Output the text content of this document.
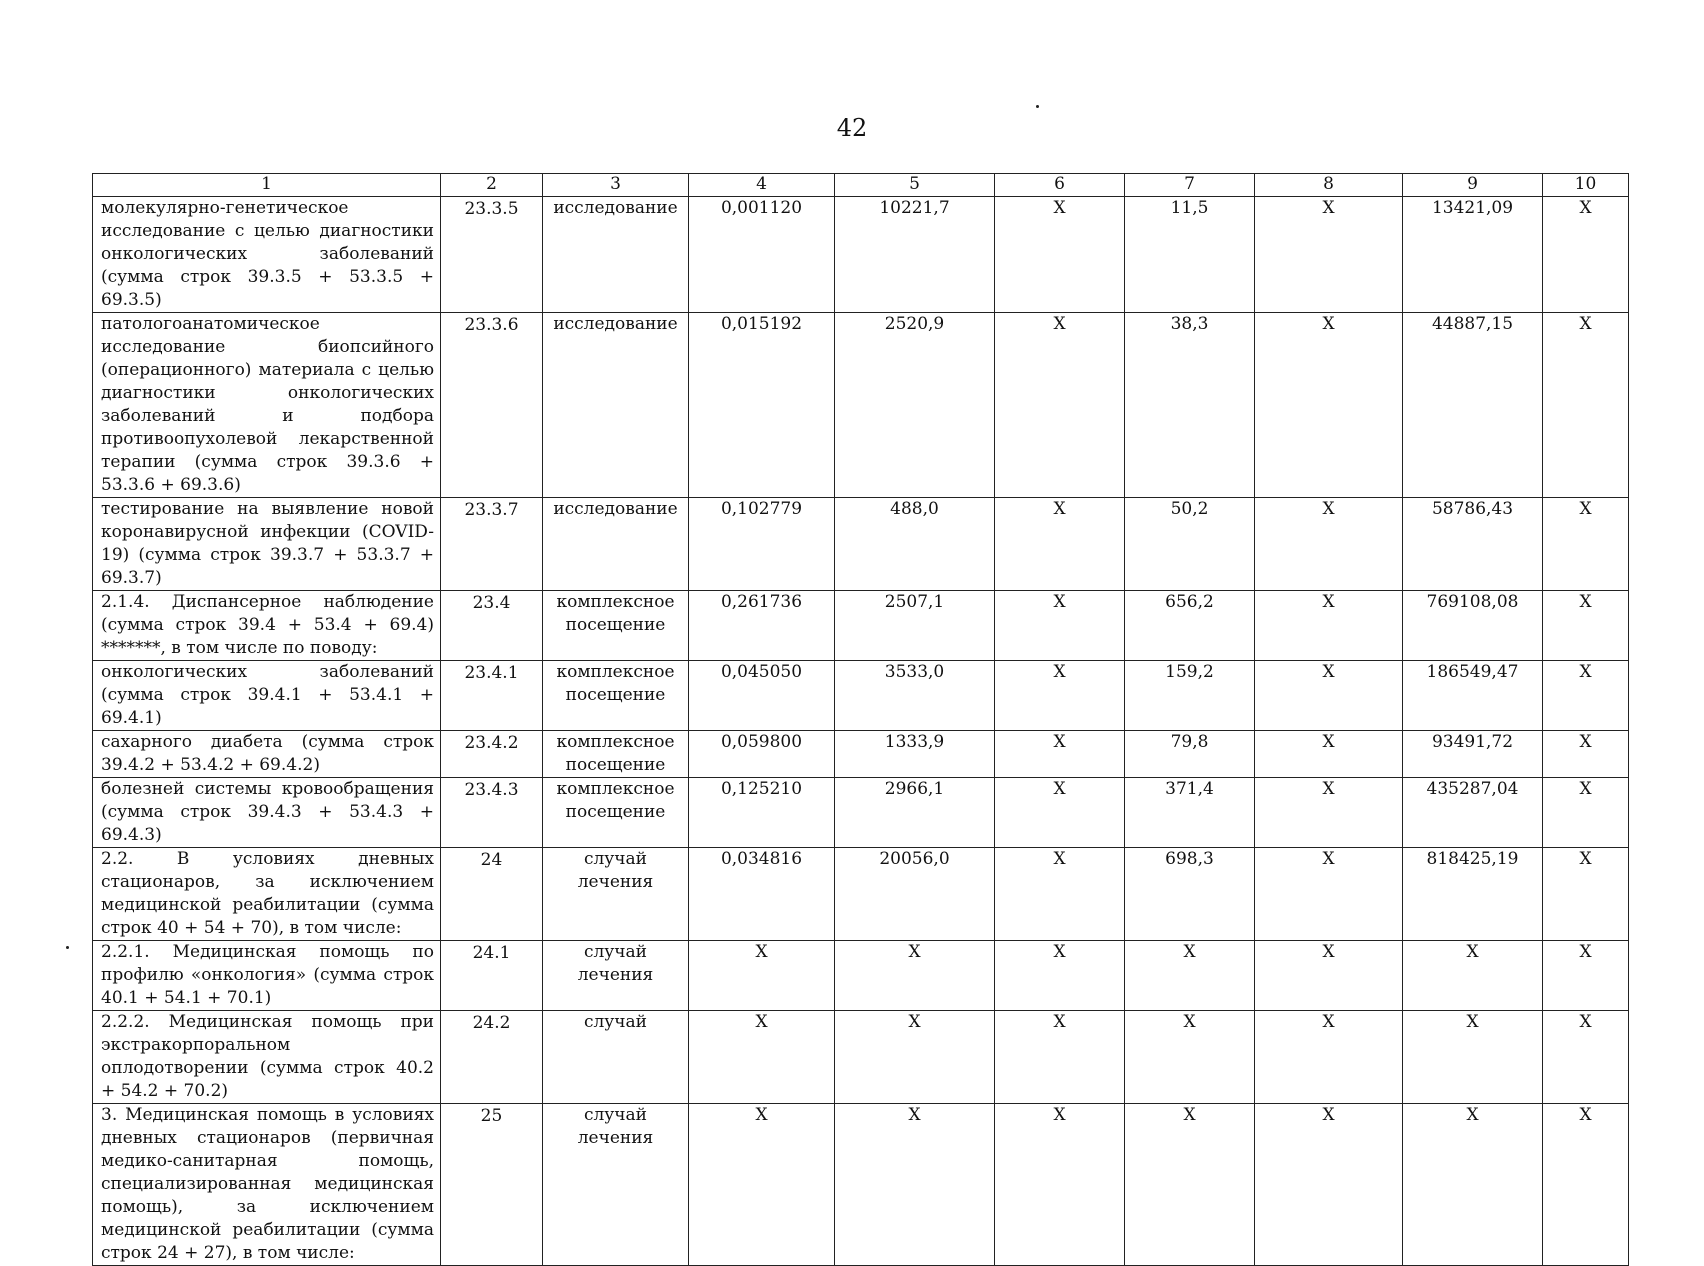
42
1	2	3	4	5	6	7	8	9	10
молекулярно-генетическое исследование с целью диагностики онкологических заболеваний (сумма строк 39.3.5 + 53.3.5 + 69.3.5)	23.3.5	исследование	0,001120	10221,7	X	11,5	X	13421,09	X
патологоанатомическое исследование биопсийного (операционного) материала с целью диагностики онкологических заболеваний и подбора противоопухолевой лекарственной терапии (сумма строк 39.3.6 + 53.3.6 + 69.3.6)	23.3.6	исследование	0,015192	2520,9	X	38,3	X	44887,15	X
тестирование на выявление новой коронавирусной инфекции (COVID-19) (сумма строк 39.3.7 + 53.3.7 + 69.3.7)	23.3.7	исследование	0,102779	488,0	X	50,2	X	58786,43	X
2.1.4. Диспансерное наблюдение (сумма строк 39.4 + 53.4 + 69.4) *******, в том числе по поводу:	23.4	комплексное посещение	0,261736	2507,1	X	656,2	X	769108,08	X
онкологических заболеваний (сумма строк 39.4.1 + 53.4.1 + 69.4.1)	23.4.1	комплексное посещение	0,045050	3533,0	X	159,2	X	186549,47	X
сахарного диабета (сумма строк 39.4.2 + 53.4.2 + 69.4.2)	23.4.2	комплексное посещение	0,059800	1333,9	X	79,8	X	93491,72	X
болезней системы кровообращения (сумма строк 39.4.3 + 53.4.3 + 69.4.3)	23.4.3	комплексное посещение	0,125210	2966,1	X	371,4	X	435287,04	X
2.2. В условиях дневных стационаров, за исключением медицинской реабилитации (сумма строк 40 + 54 + 70), в том числе:	24	случай лечения	0,034816	20056,0	X	698,3	X	818425,19	X
2.2.1. Медицинская помощь по профилю «онкология» (сумма строк 40.1 + 54.1 + 70.1)	24.1	случай лечения	X	X	X	X	X	X	X
2.2.2. Медицинская помощь при экстракорпоральном оплодотворении (сумма строк 40.2 + 54.2 + 70.2)	24.2	случай	X	X	X	X	X	X	X
3. Медицинская помощь в условиях дневных стационаров (первичная медико-санитарная помощь, специализированная медицинская помощь), за исключением медицинской реабилитации (сумма строк 24 + 27), в том числе:	25	случай лечения	X	X	X	X	X	X	X
